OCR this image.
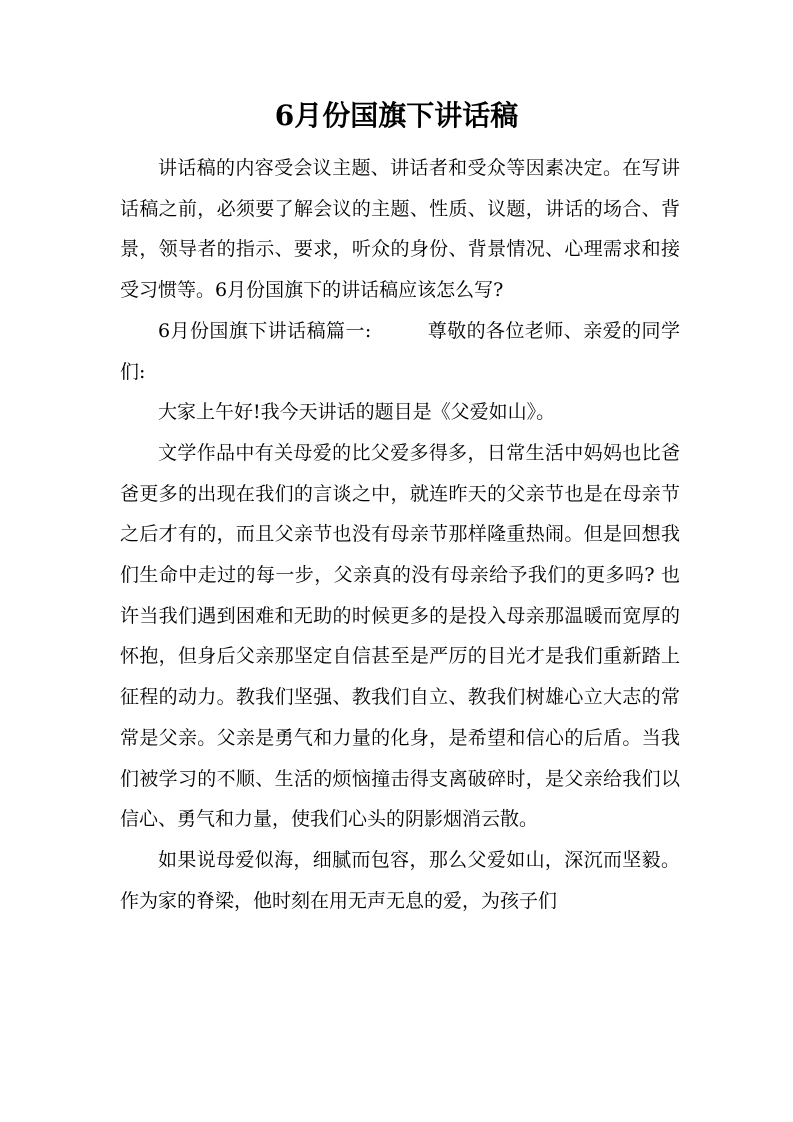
6月份国旗下讲话稿

讲话稿的内容受会议主题、讲话者和受众等因素决定。在写讲话稿之前，必须要了解会议的主题、性质、议题，讲话的场合、背景，领导者的指示、要求，听众的身份、背景情况、心理需求和接受习惯等。6月份国旗下的讲话稿应该怎么写?

6月份国旗下讲话稿篇一:	尊敬的各位老师、亲爱的同学们:

大家上午好!我今天讲话的题目是《父爱如山》。

文学作品中有关母爱的比父爱多得多，日常生活中妈妈也比爸爸更多的出现在我们的言谈之中，就连昨天的父亲节也是在母亲节之后才有的，而且父亲节也没有母亲节那样隆重热闹。但是回想我们生命中走过的每一步，父亲真的没有母亲给予我们的更多吗? 也许当我们遇到困难和无助的时候更多的是投入母亲那温暖而宽厚的怀抱，但身后父亲那坚定自信甚至是严厉的目光才是我们重新踏上征程的动力。教我们坚强、教我们自立、教我们树雄心立大志的常常是父亲。父亲是勇气和力量的化身，是希望和信心的后盾。当我们被学习的不顺、生活的烦恼撞击得支离破碎时，是父亲给我们以信心、勇气和力量，使我们心头的阴影烟消云散。

如果说母爱似海，细腻而包容，那么父爱如山，深沉而坚毅。作为家的脊梁，他时刻在用无声无息的爱，为孩子们
